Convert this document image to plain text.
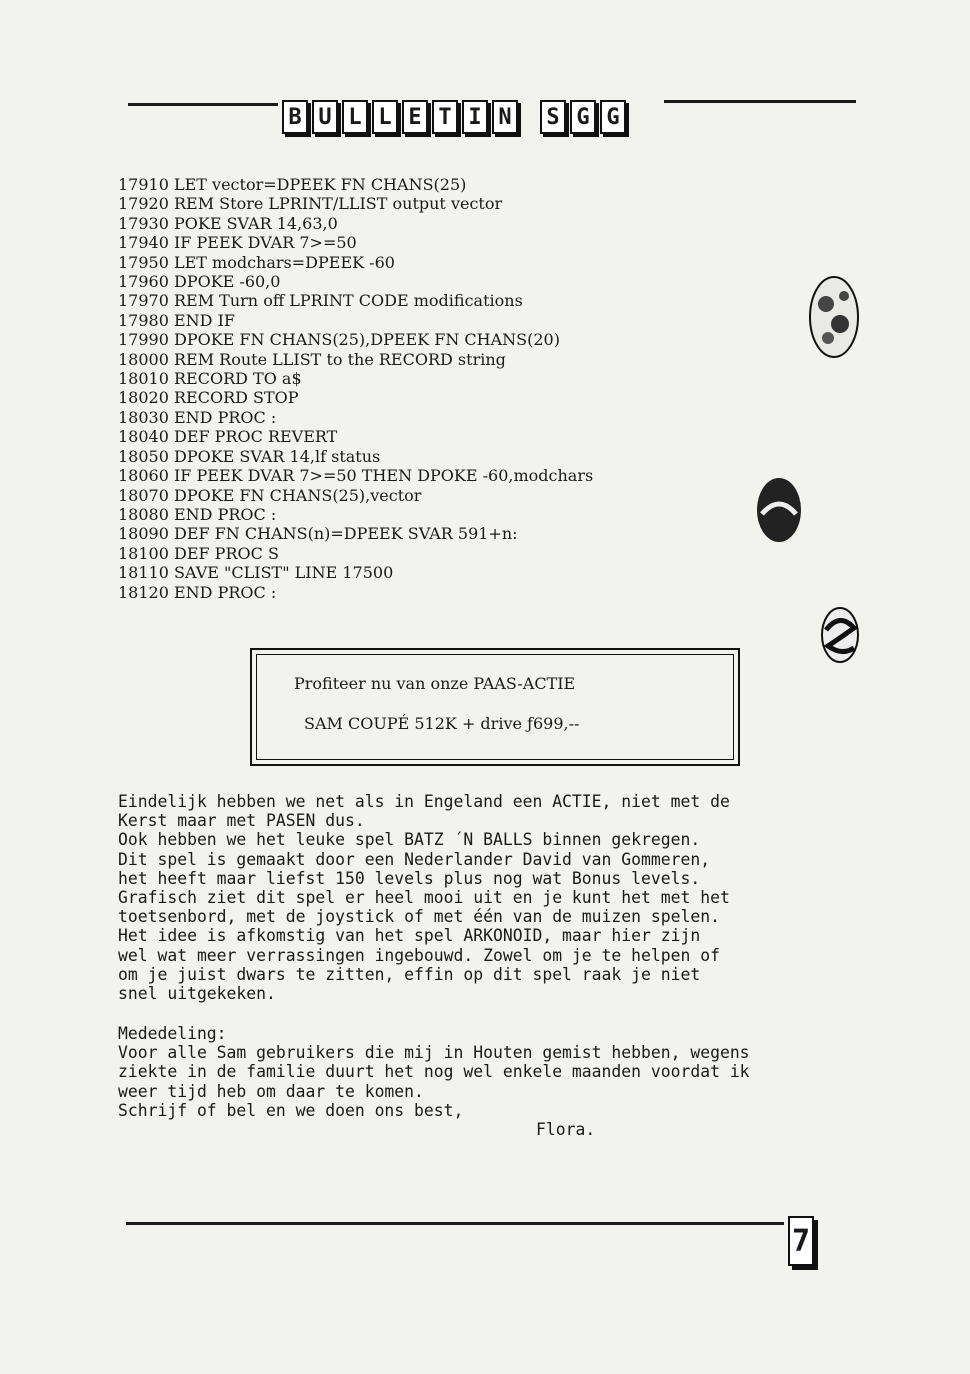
B U L L E T I N S G G
17910 LET vector=DPEEK FN CHANS(25)
17920 REM Store LPRINT/LLIST output vector
17930 POKE SVAR 14,63,0
17940 IF PEEK DVAR 7>=50
17950 LET modchars=DPEEK -60
17960 DPOKE -60,0
17970 REM Turn off LPRINT CODE modifications
17980 END IF
17990 DPOKE FN CHANS(25),DPEEK FN CHANS(20)
18000 REM Route LLIST to the RECORD string
18010 RECORD TO a$
18020 RECORD STOP
18030 END PROC :
18040 DEF PROC REVERT
18050 DPOKE SVAR 14,lf status
18060 IF PEEK DVAR 7>=50 THEN DPOKE -60,modchars
18070 DPOKE FN CHANS(25),vector
18080 END PROC :
18090 DEF FN CHANS(n)=DPEEK SVAR 591+n:
18100 DEF PROC S
18110 SAVE "CLIST" LINE 17500
18120 END PROC :
Profiteer nu van onze PAAS-ACTIE
SAM COUPÉ 512K + drive ƒ699,--
Eindelijk hebben we net als in Engeland een ACTIE, niet met de
Kerst maar met PASEN dus.
Ook hebben we het leuke spel BATZ ´N BALLS binnen gekregen.
Dit spel is gemaakt door een Nederlander David van Gommeren,
het heeft maar liefst 150 levels plus nog wat Bonus levels.
Grafisch ziet dit spel er heel mooi uit en je kunt het met het
toetsenbord, met de joystick of met één van de muizen spelen.
Het idee is afkomstig van het spel ARKONOID, maar hier zijn
wel wat meer verrassingen ingebouwd. Zowel om je te helpen of
om je juist dwars te zitten, effin op dit spel raak je niet
snel uitgekeken.
Mededeling:
Voor alle Sam gebruikers die mij in Houten gemist hebben, wegens
ziekte in de familie duurt het nog wel enkele maanden voordat ik
weer tijd heb om daar te komen.
Schrijf of bel en we doen ons best,
Flora.
7
